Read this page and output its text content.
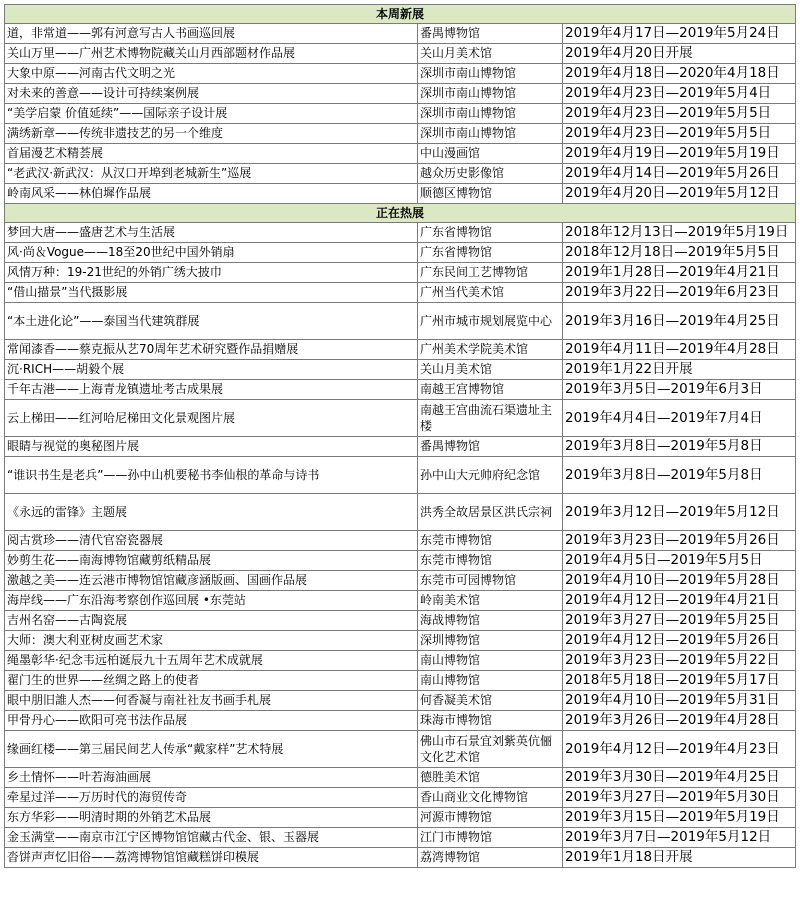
本周新展		
道，非常道——郭有河意写古人书画巡回展	番禺博物馆	2019年4月17日—2019年5月24日
关山万里——广州艺术博物院藏关山月西部题材作品展	关山月美术馆	2019年4月20日开展
大象中原——河南古代文明之光	深圳市南山博物馆	2019年4月18日—2020年4月18日
对未来的善意——设计可持续案例展	深圳市南山博物馆	2019年4月23日—2019年5月4日
“美学启蒙 价值延续”——国际亲子设计展	深圳市南山博物馆	2019年4月23日—2019年5月5日
满绣新章——传统非遗技艺的另一个维度	深圳市南山博物馆	2019年4月23日—2019年5月5日
首届漫艺术精荟展	中山漫画馆	2019年4月19日—2019年5月19日
“老武汉·新武汉：从汉口开埠到老城新生”巡展	越众历史影像馆	2019年4月14日—2019年5月26日
岭南风采——林伯墀作品展	顺德区博物馆	2019年4月20日—2019年5月12日
正在热展		
梦回大唐——盛唐艺术与生活展	广东省博物馆	2018年12月13日—2019年5月19日
风·尚＆Vogue——18至20世纪中国外销扇	广东省博物馆	2018年12月18日—2019年5月5日
风情万种：19-21世纪的外销广绣大披巾	广东民间工艺博物馆	2019年1月28日—2019年4月21日
“借山描景”当代摄影展	广州当代美术馆	2019年3月22日—2019年6月23日
“本土进化论”——泰国当代建筑群展	广州市城市规划展览中心	2019年3月16日—2019年4月25日
常闻漆香——蔡克振从艺70周年艺术研究暨作品捐赠展	广州美术学院美术馆	2019年4月11日—2019年4月28日
沉·RICH——胡毅个展	关山月美术馆	2019年1月22日开展
千年古港——上海青龙镇遗址考古成果展	南越王宫博物馆	2019年3月5日—2019年6月3日
云上梯田——红河哈尼梯田文化景观图片展	南越王宫曲流石渠遗址主楼	2019年4月4日—2019年7月4日
眼睛与视觉的奥秘图片展	番禺博物馆	2019年3月8日—2019年5月8日
“谁识书生是老兵”——孙中山机要秘书李仙根的革命与诗书	孙中山大元帅府纪念馆	2019年3月8日—2019年5月8日
《永远的雷锋》主题展	洪秀全故居景区洪氏宗祠	2019年3月12日—2019年5月12日
阅古赏珍——清代官窑瓷器展	东莞市博物馆	2019年3月23日—2019年5月26日
妙剪生花——南海博物馆藏剪纸精品展	东莞市博物馆	2019年4月5日—2019年5月5日
激越之美——连云港市博物馆馆藏彦涵版画、国画作品展	东莞市可园博物馆	2019年4月10日—2019年5月28日
海岸线——广东沿海考察创作巡回展 •东莞站	岭南美术馆	2019年4月12日—2019年4月21日
吉州名窑——古陶瓷展	海战博物馆	2019年3月27日—2019年5月25日
大师：澳大利亚树皮画艺术家	深圳博物馆	2019年4月12日—2019年5月26日
绳墨彰华·纪念韦远柏诞辰九十五周年艺术成就展	南山博物馆	2019年3月23日—2019年5月22日
翟门生的世界——丝绸之路上的使者	南山博物馆	2018年5月18日—2019年5月17日
眼中朋旧誰人杰——何香凝与南社社友书画手札展	何香凝美术馆	2019年4月10日—2019年5月31日
甲骨丹心——欧阳可亮书法作品展	珠海市博物馆	2019年3月26日—2019年4月28日
缘画红楼——第三届民间艺人传承“戴家样”艺术特展	佛山市石景宜刘紫英伉俪文化艺术馆	2019年4月12日—2019年4月23日
乡土情怀——叶若海油画展	德胜美术馆	2019年3月30日—2019年4月25日
牵星过洋——万历时代的海贸传奇	香山商业文化博物馆	2019年3月27日—2019年5月30日
东方华彩——明清时期的外销艺术品展	河源市博物馆	2019年3月15日—2019年5月19日
金玉满堂——南京市江宁区博物馆馆藏古代金、银、玉器展	江门市博物馆	2019年3月7日—2019年5月12日
沓饼声声忆旧俗——荔湾博物馆馆藏糕饼印模展	荔湾博物馆	2019年1月18日开展
